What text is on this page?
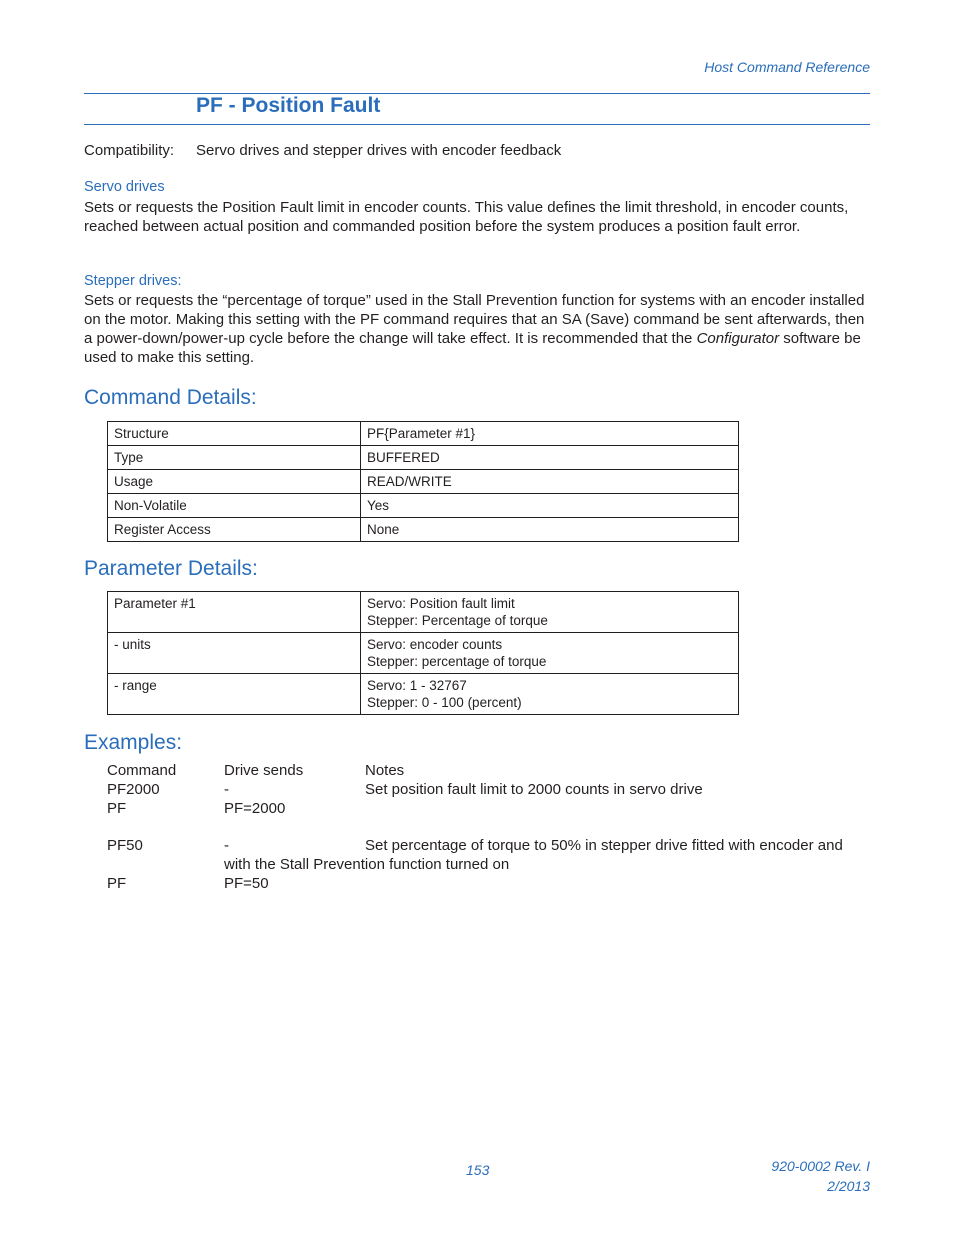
Host Command Reference
PF - Position Fault
Compatibility: Servo drives and stepper drives with encoder feedback
Servo drives
Sets or requests the Position Fault limit in encoder counts. This value defines the limit threshold, in encoder counts, reached between actual position and commanded position before the system produces a position fault error.
Stepper drives:
Sets or requests the “percentage of torque” used in the Stall Prevention function for systems with an encoder installed on the motor. Making this setting with the PF command requires that an SA (Save) command be sent afterwards, then a power-down/power-up cycle before the change will take effect. It is recommended that the Configurator software be used to make this setting.
Command Details:
Structure	PF{Parameter #1}
Type	BUFFERED
Usage	READ/WRITE
Non-Volatile	Yes
Register Access	None
Parameter Details:
Parameter #1	Servo: Position fault limit
Stepper: Percentage of torque

- units	Servo: encoder counts
Stepper: percentage of torque

- range	Servo: 1 - 32767
Stepper: 0 - 100 (percent)
Examples:
Command	Drive sends	Notes
PF2000	-	Set position fault limit to 2000 counts in servo drive
PF	PF=2000
PF50	-	Set percentage of torque to 50% in stepper drive fitted with encoder and
with the Stall Prevention function turned on
PF	PF=50
153	920-0002 Rev. I
2/2013
